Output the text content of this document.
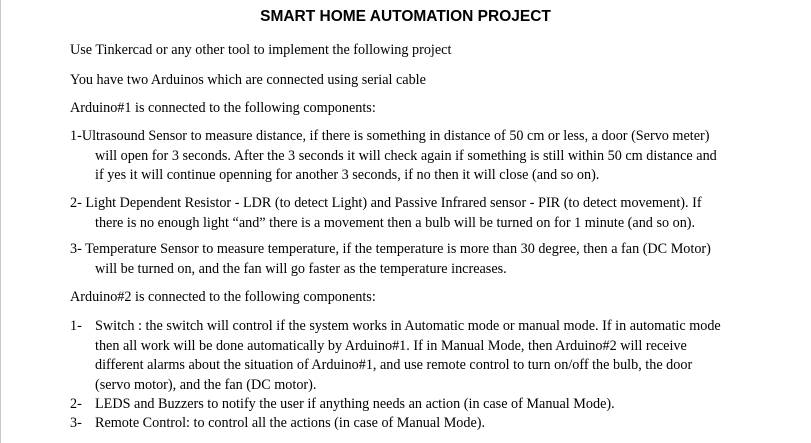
SMART HOME AUTOMATION PROJECT
Use Tinkercad or any other tool to implement the following project
You have two Arduinos which are connected using serial cable
Arduino#1 is connected to the following components:
1-Ultrasound Sensor to measure distance, if there is something in distance of 50 cm or less, a door (Servo meter)
will open for 3 seconds. After the 3 seconds it will check again if something is still within 50 cm distance and
if yes it will continue openning for another 3 seconds, if no then it will close (and so on).
2- Light Dependent Resistor - LDR (to detect Light) and Passive Infrared sensor - PIR (to detect movement). If
there is no enough light “and” there is a movement then a bulb will be turned on for 1 minute (and so on).
3- Temperature Sensor to measure temperature, if the temperature is more than 30 degree, then a fan (DC Motor)
will be turned on, and the fan will go faster as the temperature increases.
Arduino#2 is connected to the following components:
1- Switch : the switch will control if the system works in Automatic mode or manual mode. If in automatic mode
then all work will be done automatically by Arduino#1. If in Manual Mode, then Arduino#2 will receive
different alarms about the situation of Arduino#1, and use remote control to turn on/off the bulb, the door
(servo motor), and the fan (DC motor).
2- LEDS and Buzzers to notify the user if anything needs an action (in case of Manual Mode).
3- Remote Control: to control all the actions (in case of Manual Mode).
